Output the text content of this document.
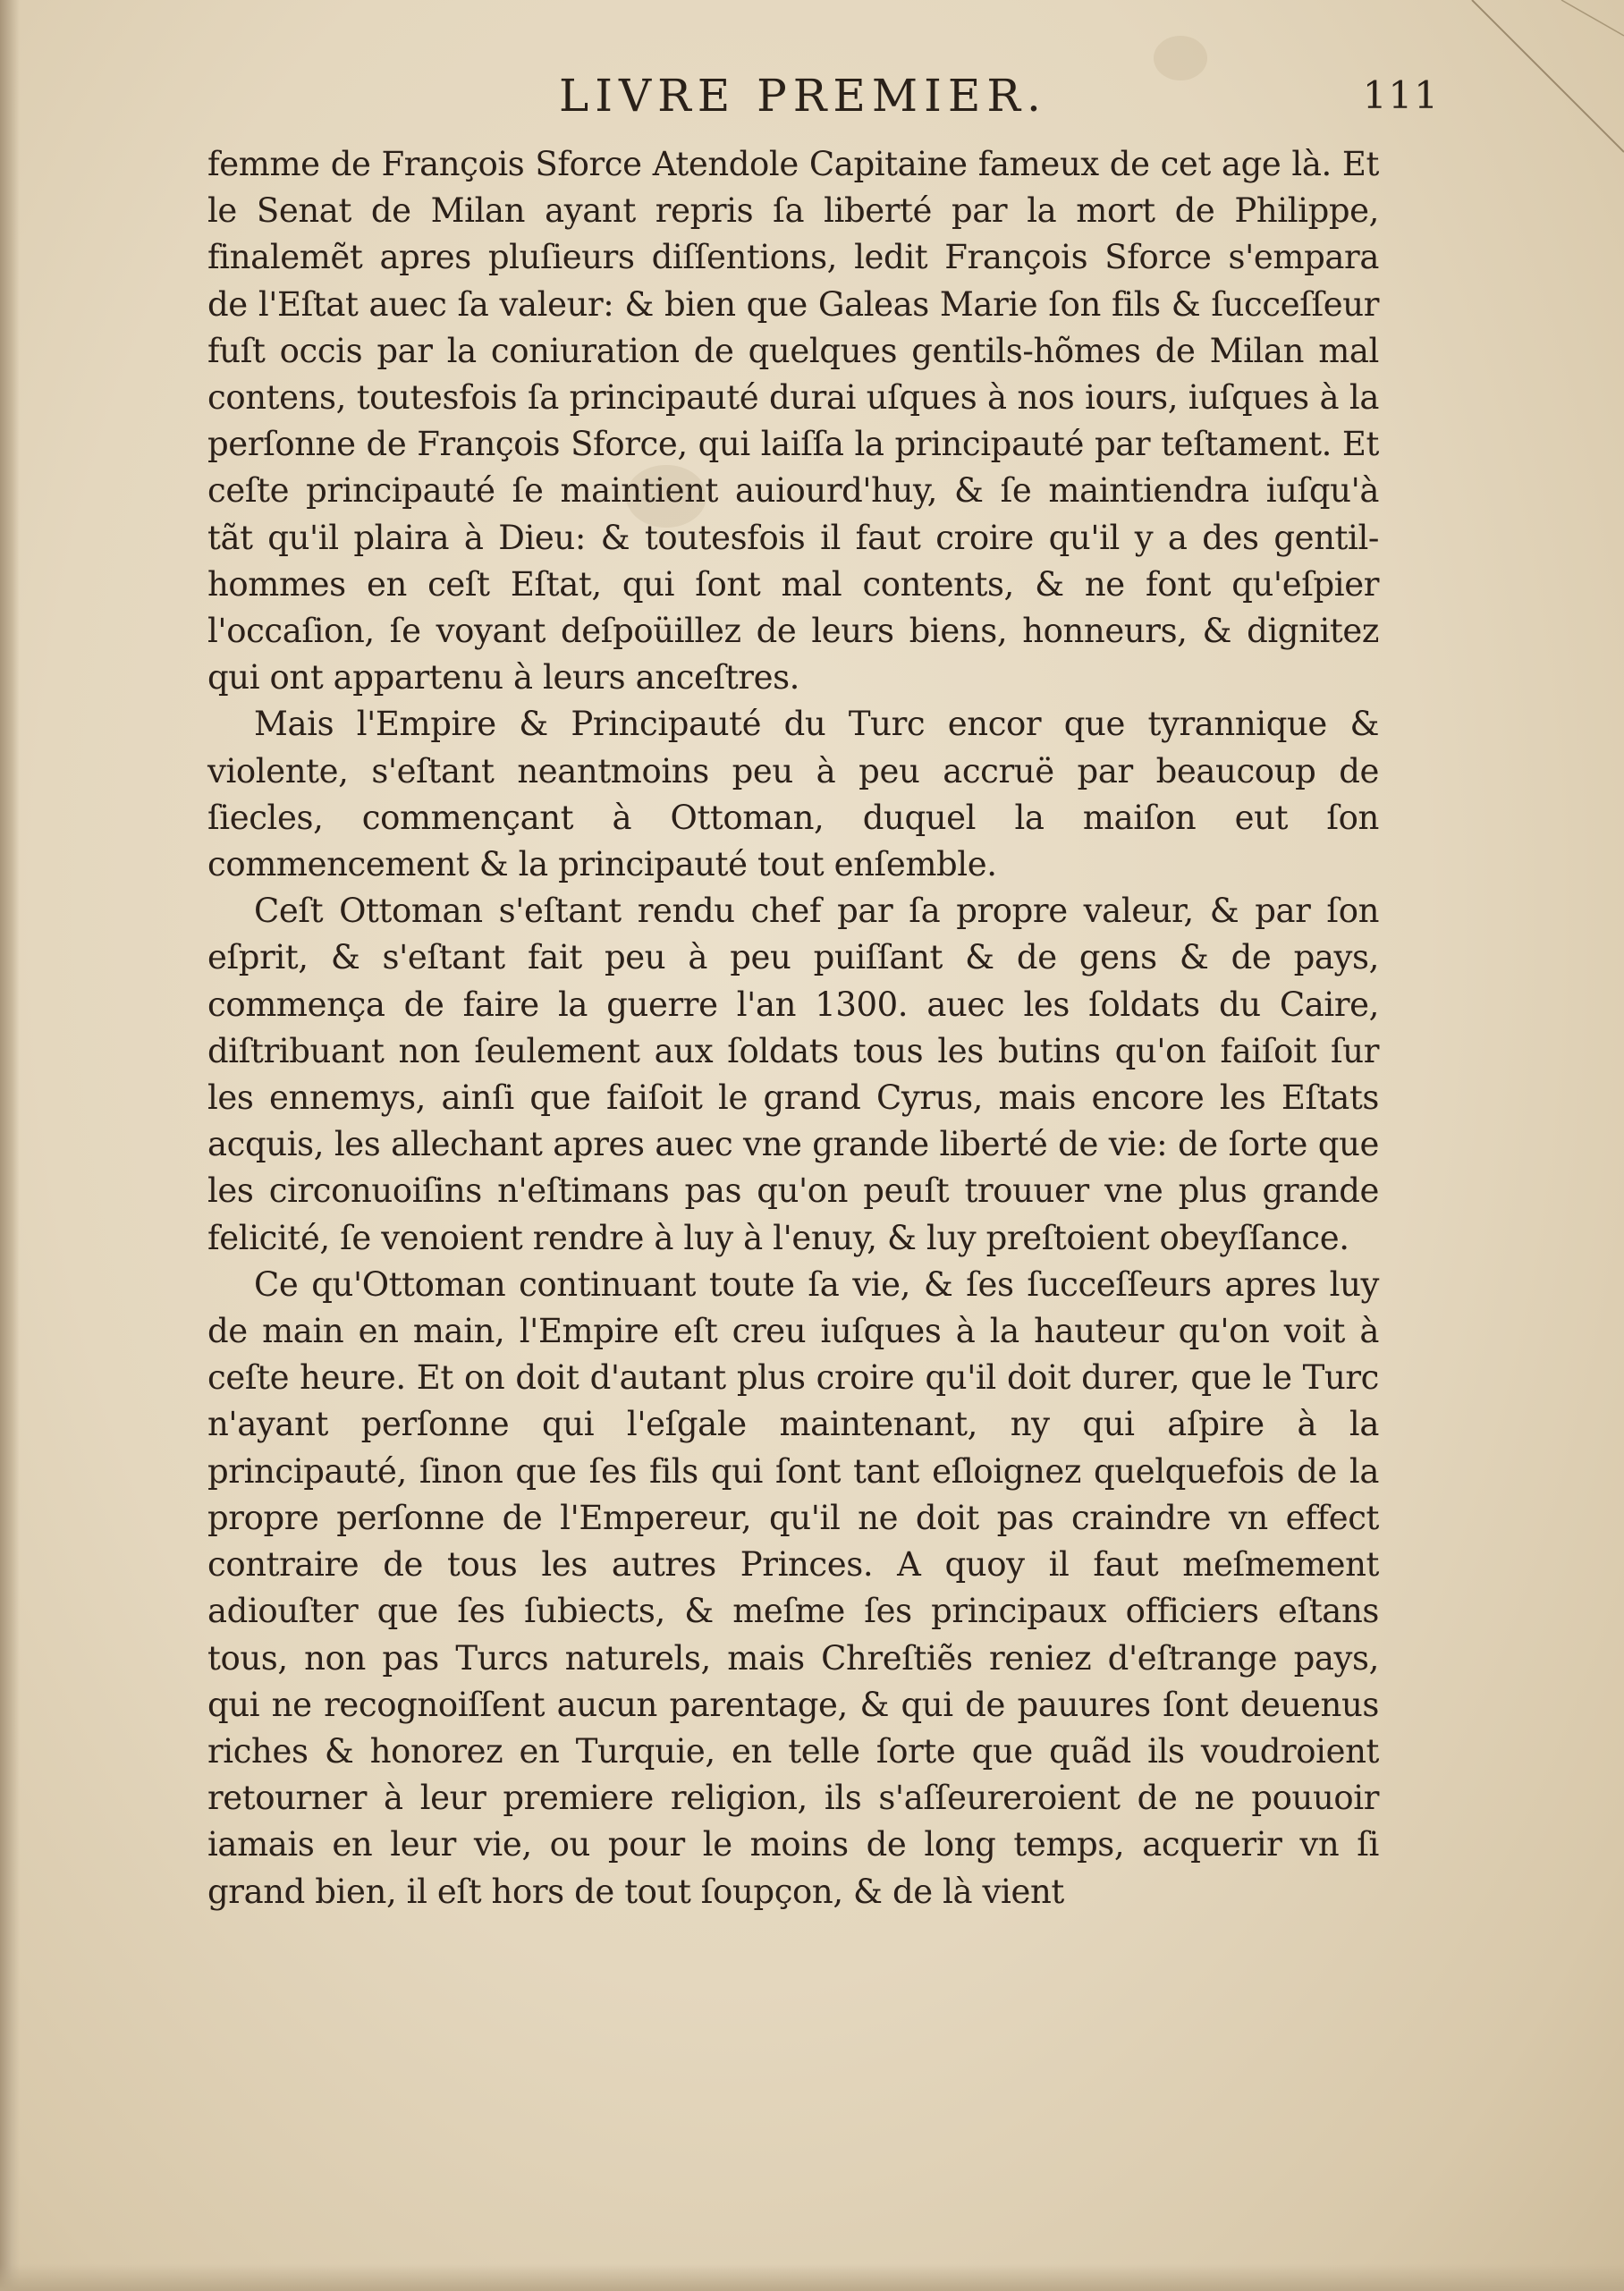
LIVRE PREMIER.	111

femme de François Sforce Atendole Capitaine fameux de cet age là. Et le Senat de Milan ayant repris ſa liberté par la mort de Philippe, finalemẽt apres pluſieurs diſſentions, ledit François Sforce s'empara de l'Eſtat auec ſa valeur: & bien que Galeas Marie ſon fils & ſucceſſeur fuſt occis par la coniuration de quelques gentils-hõmes de Milan mal contens, toutesfois ſa principauté durai uſques à nos iours, iuſques à la perſonne de François Sforce, qui laiſſa la principauté par teſtament. Et ceſte principauté ſe maintient auiourd'huy, & ſe maintiendra iuſqu'à tãt qu'il plaira à Dieu: & toutesfois il faut croire qu'il y a des gentil-hommes en ceſt Eſtat, qui ſont mal contents, & ne font qu'eſpier l'occaſion, ſe voyant deſpoüillez de leurs biens, honneurs, & dignitez qui ont appartenu à leurs anceſtres.

Mais l'Empire & Principauté du Turc encor que tyrannique & violente, s'eſtant neantmoins peu à peu accruë par beaucoup de ſiecles, commençant à Ottoman, duquel la maiſon eut ſon commencement & la principauté tout enſemble.

Ceſt Ottoman s'eſtant rendu chef par ſa propre valeur, & par ſon eſprit, & s'eſtant fait peu à peu puiſſant & de gens & de pays, commença de faire la guerre l'an 1300. auec les ſoldats du Caire, diſtribuant non ſeulement aux ſoldats tous les butins qu'on faiſoit ſur les ennemys, ainſi que faiſoit le grand Cyrus, mais encore les Eſtats acquis, les allechant apres auec vne grande liberté de vie: de ſorte que les circonuoiſins n'eſtimans pas qu'on peuſt trouuer vne plus grande felicité, ſe venoient rendre à luy à l'enuy, & luy preſtoient obeyſſance.

Ce qu'Ottoman continuant toute ſa vie, & ſes ſucceſſeurs apres luy de main en main, l'Empire eſt creu iuſques à la hauteur qu'on voit à ceſte heure. Et on doit d'autant plus croire qu'il doit durer, que le Turc n'ayant perſonne qui l'eſgale maintenant, ny qui aſpire à la principauté, ſinon que ſes fils qui ſont tant eſloignez quelquefois de la propre perſonne de l'Empereur, qu'il ne doit pas craindre vn effect contraire de tous les autres Princes. A quoy il faut meſmement adiouſter que ſes ſubiects, & meſme ſes principaux officiers eſtans tous, non pas Turcs naturels, mais Chreſtiẽs reniez d'eſtrange pays, qui ne recognoiſſent aucun parentage, & qui de pauures ſont deuenus riches & honorez en Turquie, en telle ſorte que quãd ils voudroient retourner à leur premiere religion, ils s'aſſeureroient de ne pouuoir iamais en leur vie, ou pour le moins de long temps, acquerir vn ſi grand bien, il eſt hors de tout ſoupçon, & de là vient
